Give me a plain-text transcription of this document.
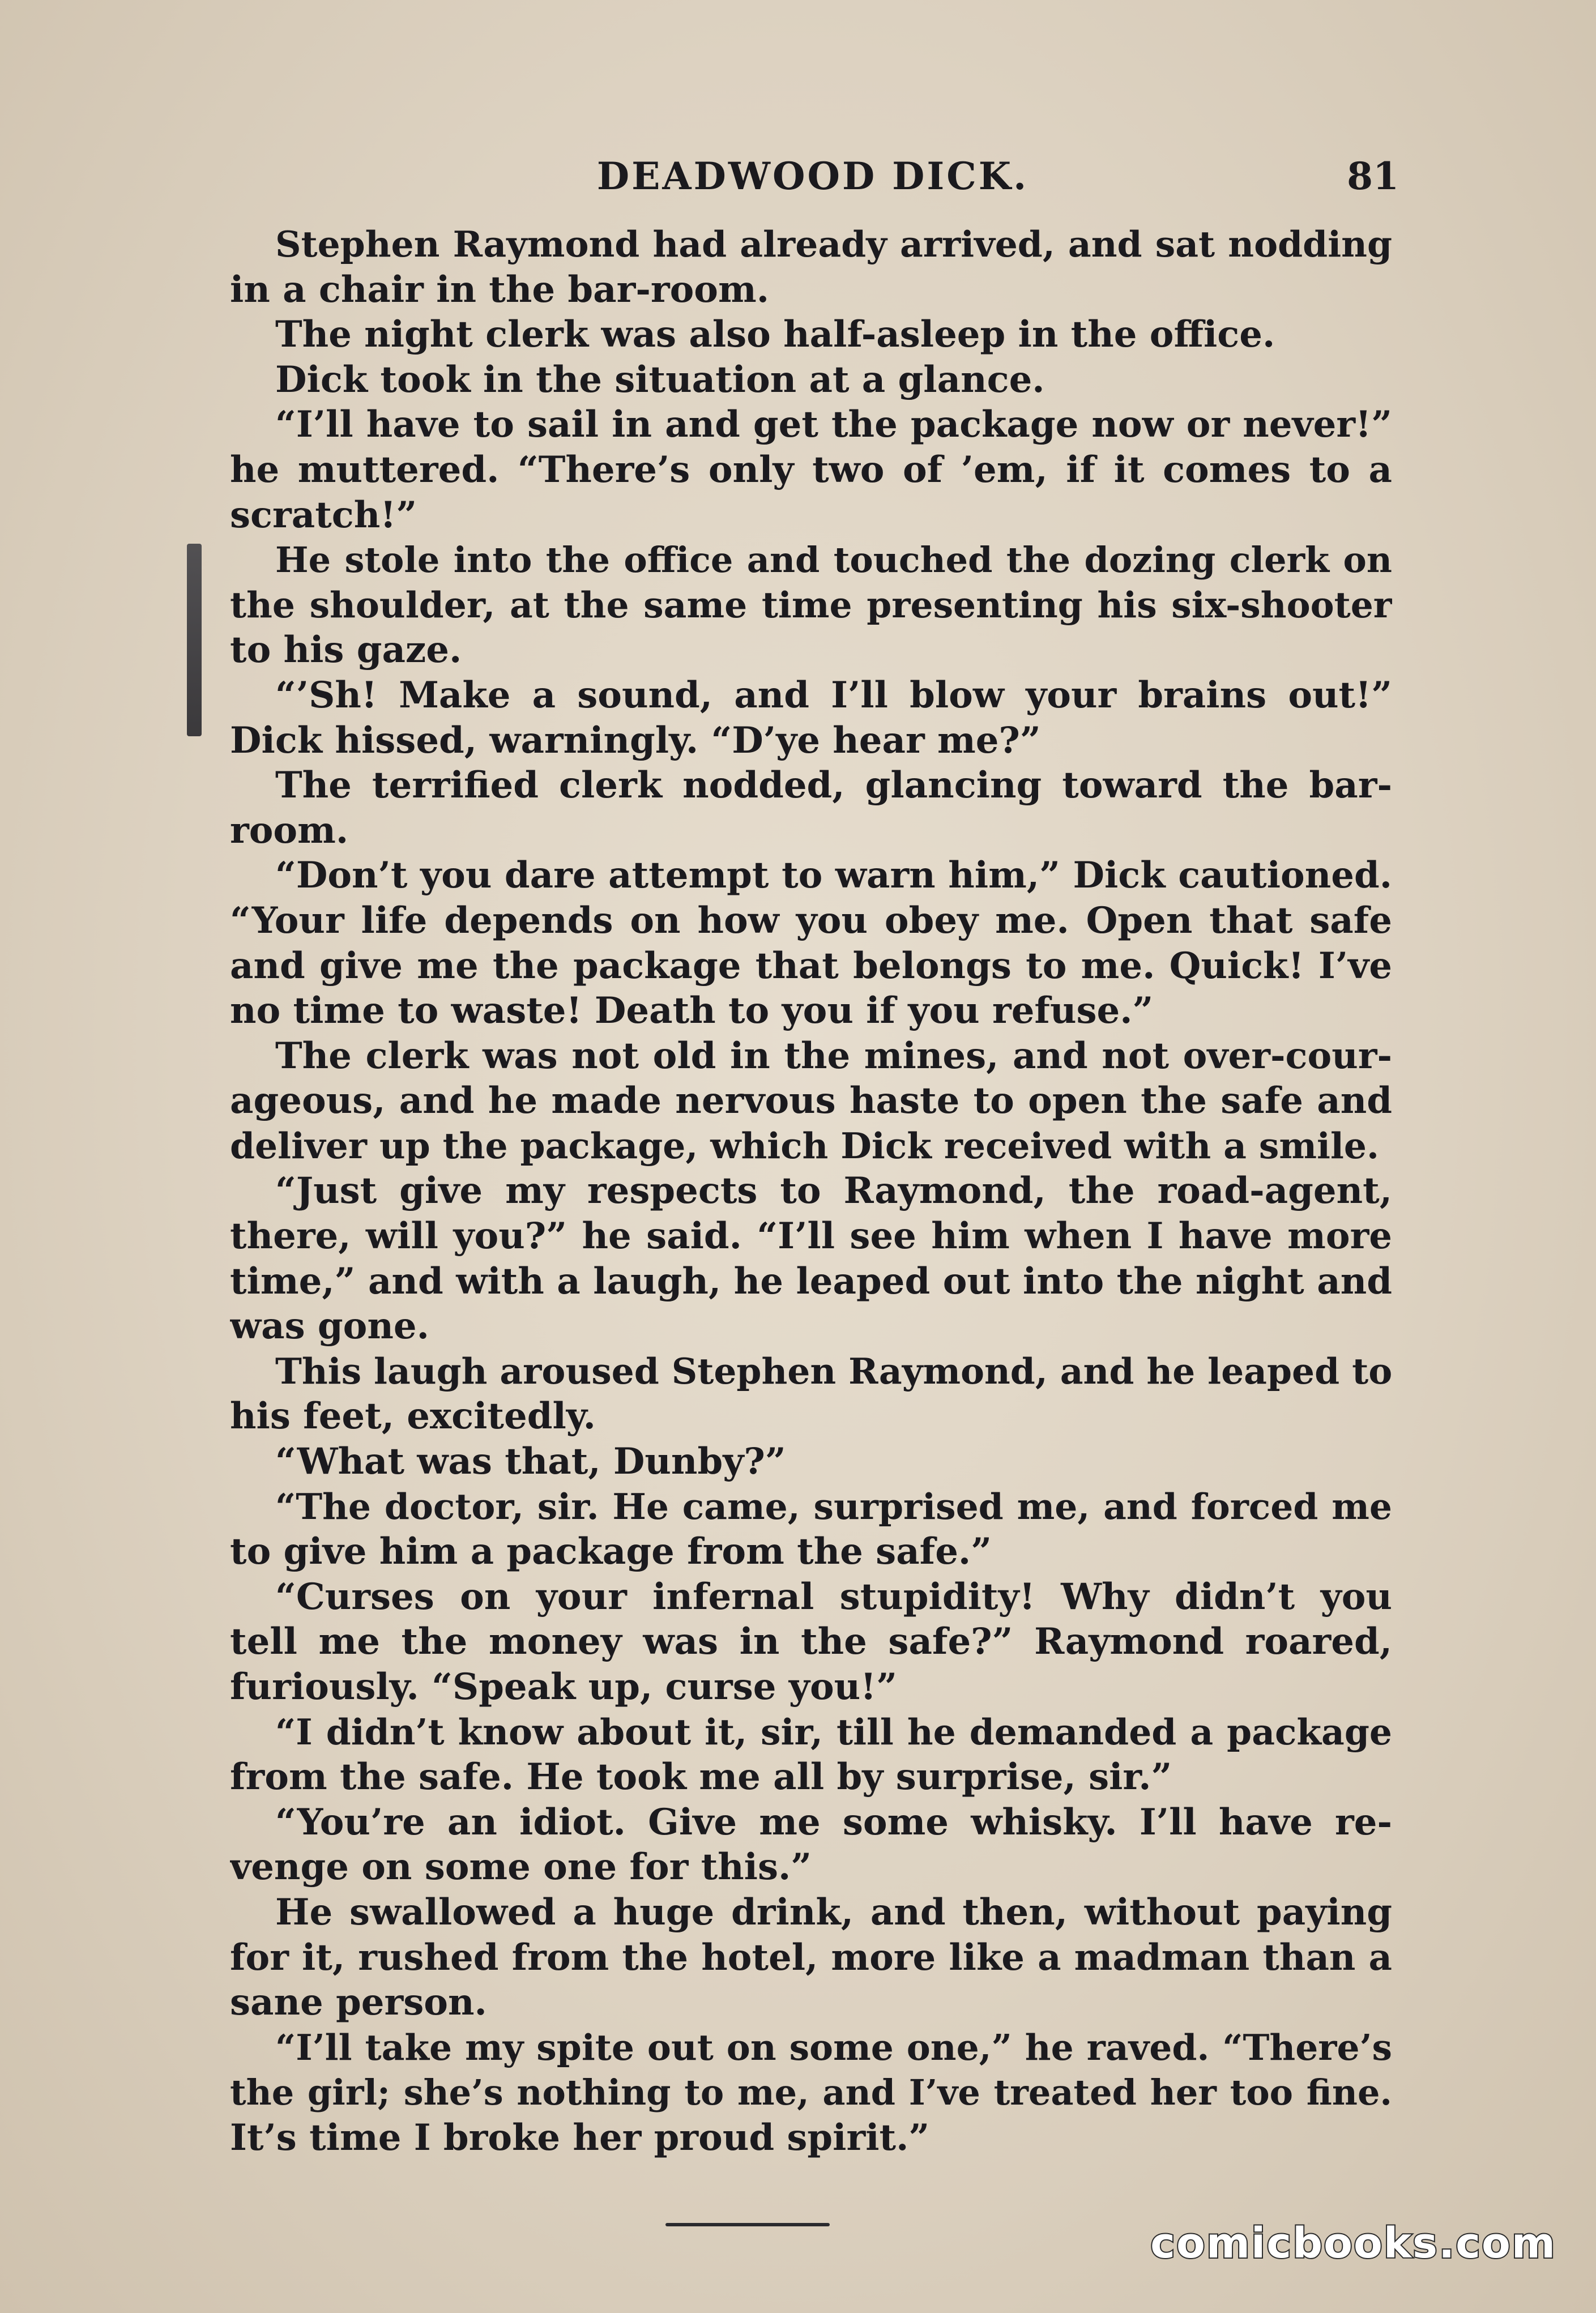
DEADWOOD DICK.	81
Stephen Raymond had already arrived, and sat nodding
in a chair in the bar-room.
The night clerk was also half-asleep in the office.
Dick took in the situation at a glance.
“I’ll have to sail in and get the package now or never!”
he muttered. “There’s only two of ’em, if it comes to a
scratch!”
He stole into the office and touched the dozing clerk on
the shoulder, at the same time presenting his six-shooter
to his gaze.
“’Sh! Make a sound, and I’ll blow your brains out!”
Dick hissed, warningly. “D’ye hear me?”
The terrified clerk nodded, glancing toward the bar-
room.
“Don’t you dare attempt to warn him,” Dick cautioned.
“Your life depends on how you obey me. Open that safe
and give me the package that belongs to me. Quick! I’ve
no time to waste! Death to you if you refuse.”
The clerk was not old in the mines, and not over-cour-
ageous, and he made nervous haste to open the safe and
deliver up the package, which Dick received with a smile.
“Just give my respects to Raymond, the road-agent,
there, will you?” he said. “I’ll see him when I have more
time,” and with a laugh, he leaped out into the night and
was gone.
This laugh aroused Stephen Raymond, and he leaped to
his feet, excitedly.
“What was that, Dunby?”
“The doctor, sir. He came, surprised me, and forced me
to give him a package from the safe.”
“Curses on your infernal stupidity! Why didn’t you
tell me the money was in the safe?” Raymond roared,
furiously. “Speak up, curse you!”
“I didn’t know about it, sir, till he demanded a package
from the safe. He took me all by surprise, sir.”
“You’re an idiot. Give me some whisky. I’ll have re-
venge on some one for this.”
He swallowed a huge drink, and then, without paying
for it, rushed from the hotel, more like a madman than a
sane person.
“I’ll take my spite out on some one,” he raved. “There’s
the girl; she’s nothing to me, and I’ve treated her too fine.
It’s time I broke her proud spirit.”
comicbooks.com
